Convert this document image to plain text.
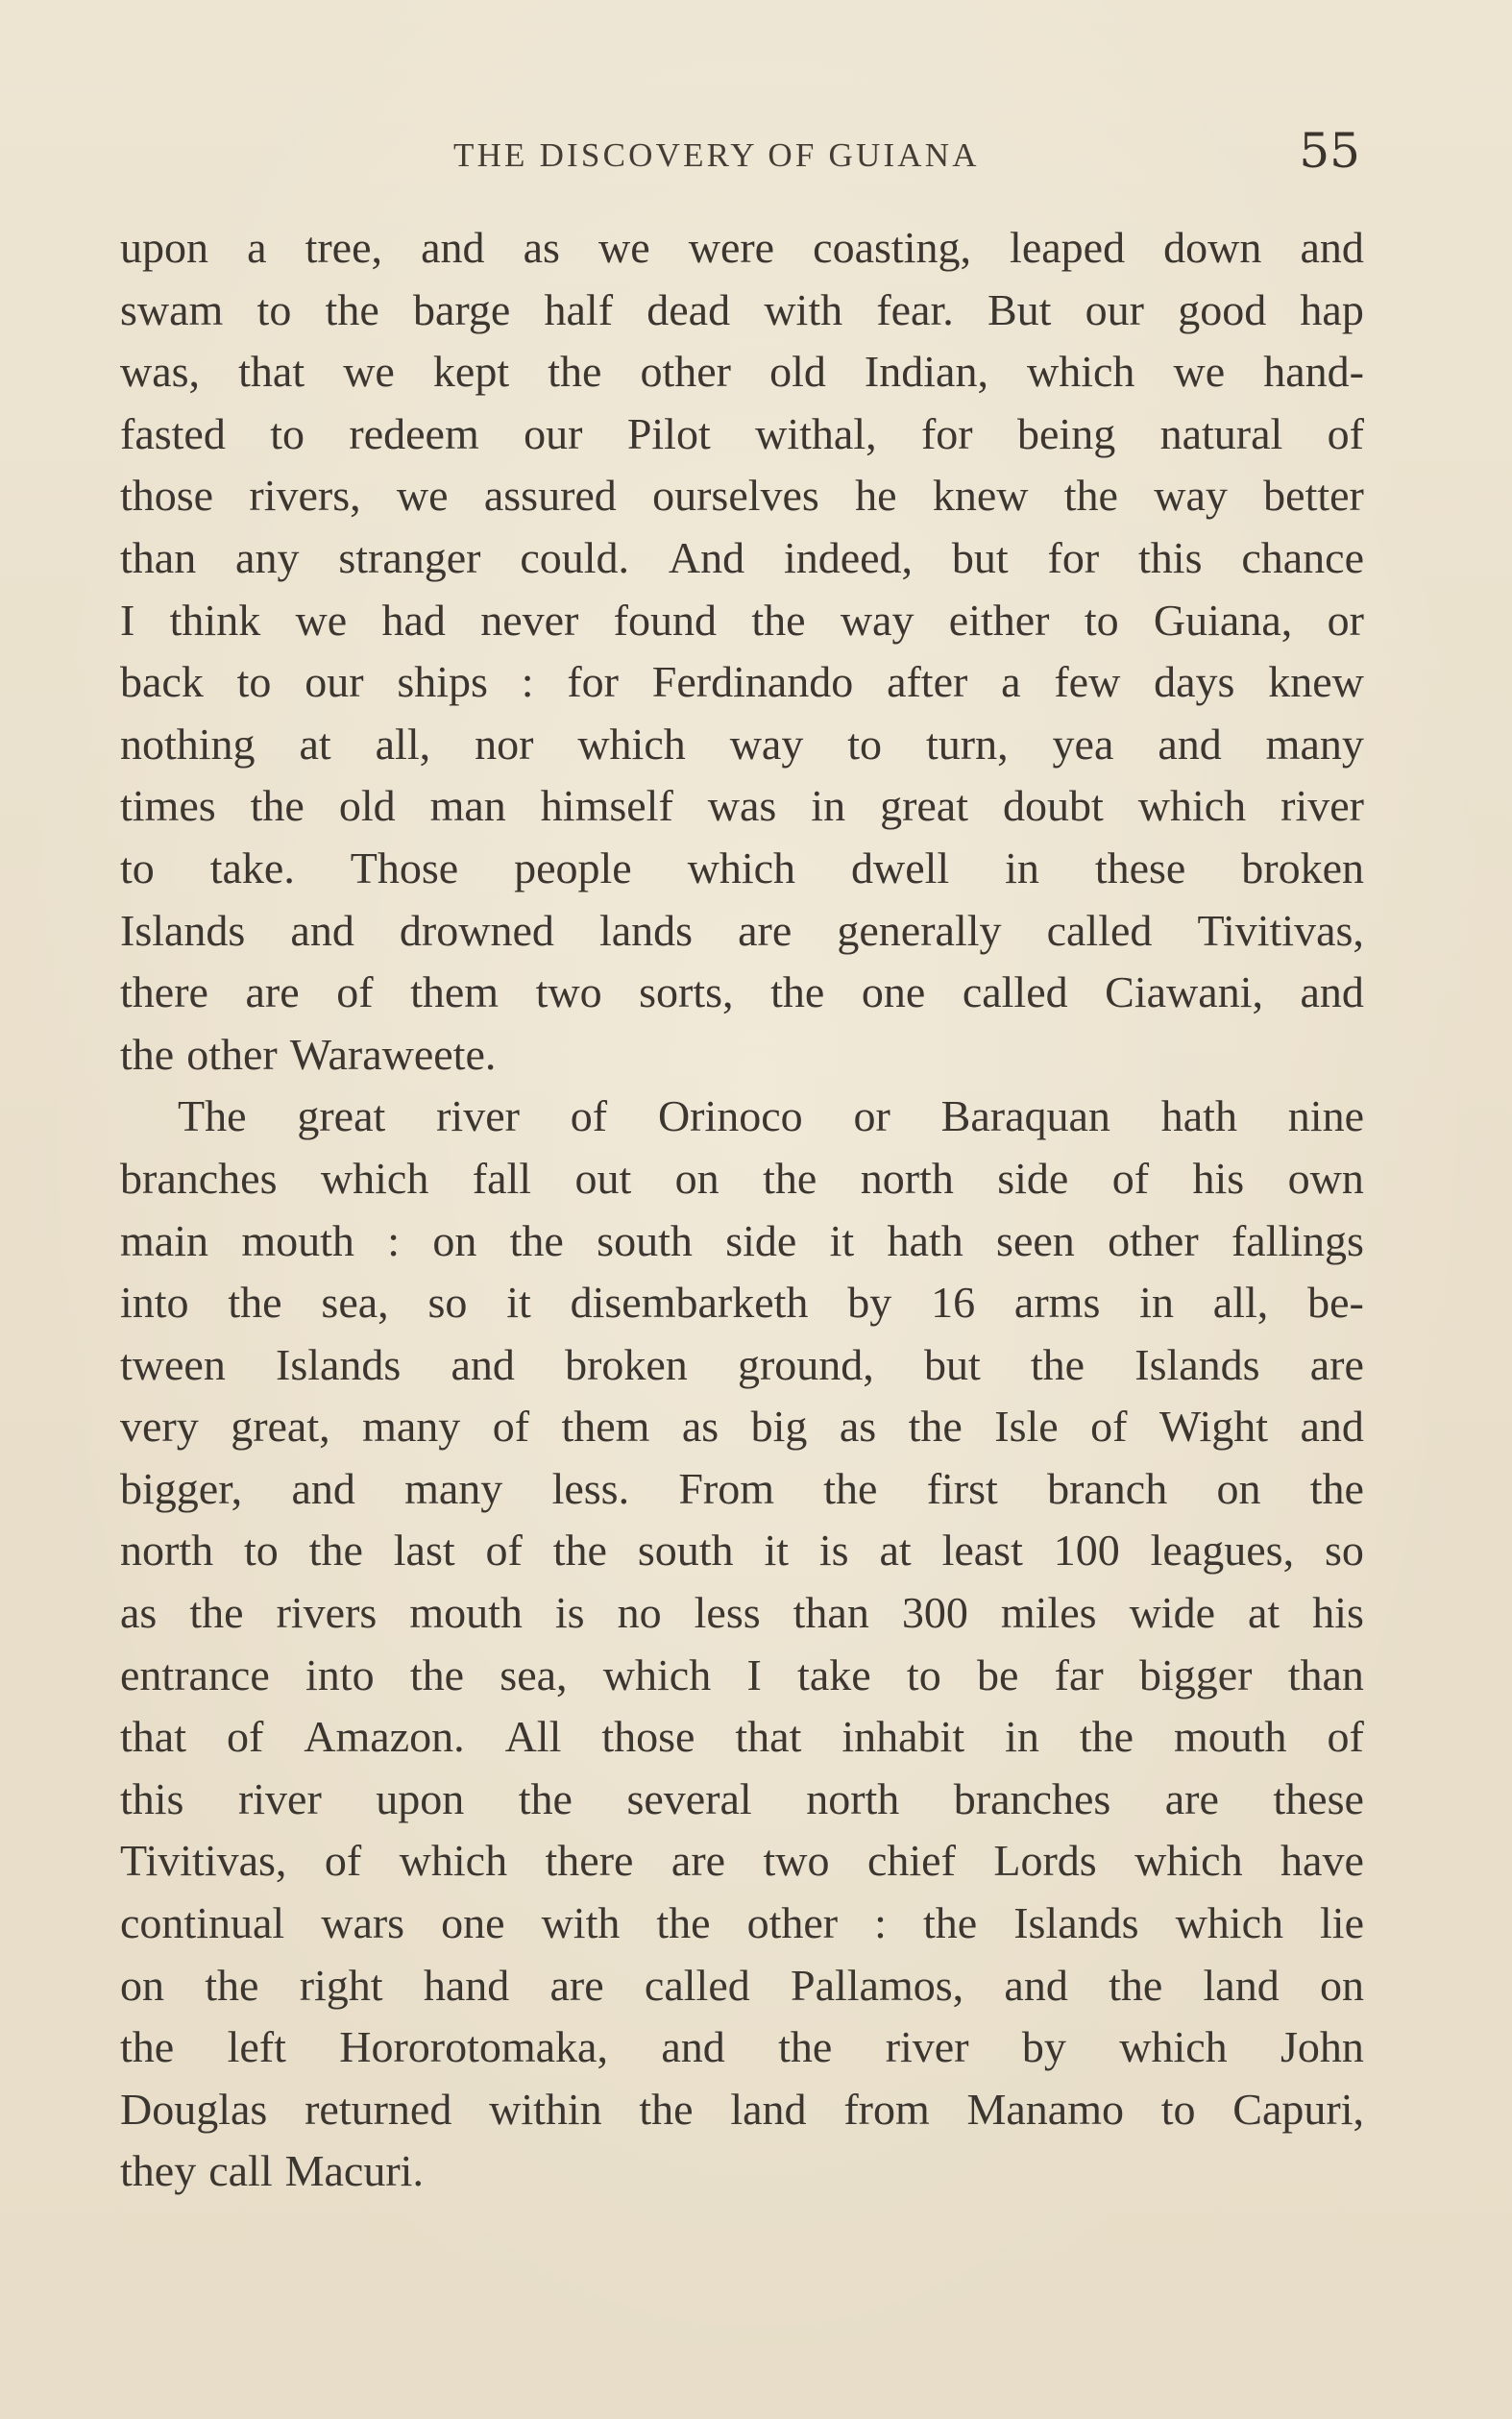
THE DISCOVERY OF GUIANA	55
upon a tree, and as we were coasting, leaped down and
swam to the barge half dead with fear. But our good hap
was, that we kept the other old Indian, which we hand-
fasted to redeem our Pilot withal, for being natural of
those rivers, we assured ourselves he knew the way better
than any stranger could. And indeed, but for this chance
I think we had never found the way either to Guiana, or
back to our ships : for Ferdinando after a few days knew
nothing at all, nor which way to turn, yea and many
times the old man himself was in great doubt which river
to take. Those people which dwell in these broken
Islands and drowned lands are generally called Tivitivas,
there are of them two sorts, the one called Ciawani, and
the other Waraweete.
The great river of Orinoco or Baraquan hath nine
branches which fall out on the north side of his own
main mouth : on the south side it hath seen other fallings
into the sea, so it disembarketh by 16 arms in all, be-
tween Islands and broken ground, but the Islands are
very great, many of them as big as the Isle of Wight and
bigger, and many less. From the first branch on the
north to the last of the south it is at least 100 leagues, so
as the rivers mouth is no less than 300 miles wide at his
entrance into the sea, which I take to be far bigger than
that of Amazon. All those that inhabit in the mouth of
this river upon the several north branches are these
Tivitivas, of which there are two chief Lords which have
continual wars one with the other : the Islands which lie
on the right hand are called Pallamos, and the land on
the left Hororotomaka, and the river by which John
Douglas returned within the land from Manamo to Capuri,
they call Macuri.
